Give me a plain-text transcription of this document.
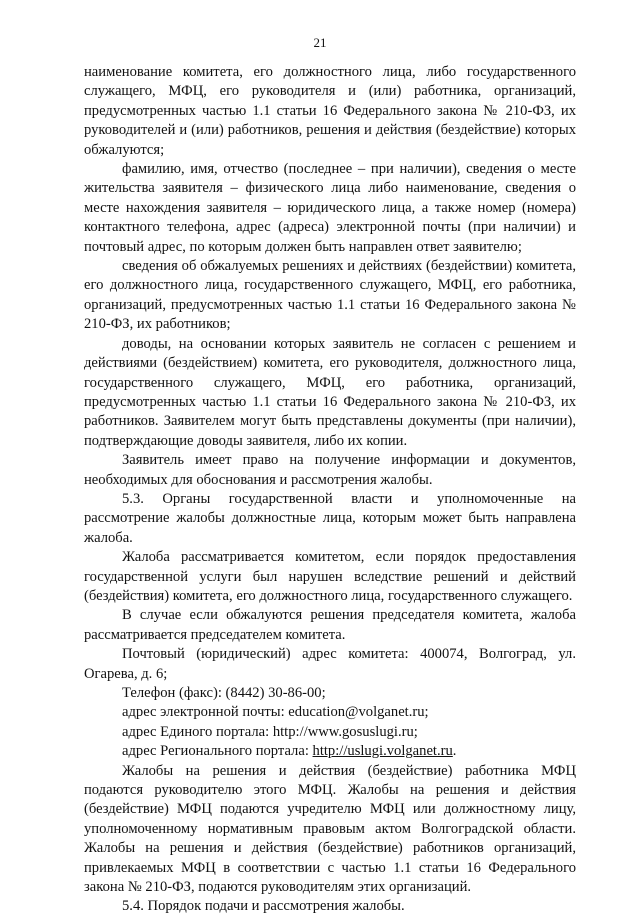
21

наименование комитета, его должностного лица, либо государственного служащего, МФЦ, его руководителя и (или) работника, организаций, предусмотренных частью 1.1 статьи 16 Федерального закона № 210-ФЗ, их руководителей и (или) работников, решения и действия (бездействие) которых обжалуются;

фамилию, имя, отчество (последнее – при наличии), сведения о месте жительства заявителя – физического лица либо наименование, сведения о месте нахождения заявителя – юридического лица, а также номер (номера) контактного телефона, адрес (адреса) электронной почты (при наличии) и почтовый адрес, по которым должен быть направлен ответ заявителю;

сведения об обжалуемых решениях и действиях (бездействии) комитета, его должностного лица, государственного служащего, МФЦ, его работника, организаций, предусмотренных частью 1.1 статьи 16 Федерального закона № 210-ФЗ, их работников;

доводы, на основании которых заявитель не согласен с решением и действиями (бездействием) комитета, его руководителя, должностного лица, государственного служащего, МФЦ, его работника, организаций, предусмотренных частью 1.1 статьи 16 Федерального закона № 210-ФЗ, их работников. Заявителем могут быть представлены документы (при наличии), подтверждающие доводы заявителя, либо их копии.

Заявитель имеет право на получение информации и документов, необходимых для обоснования и рассмотрения жалобы.

5.3. Органы государственной власти и уполномоченные на рассмотрение жалобы должностные лица, которым может быть направлена жалоба.

Жалоба рассматривается комитетом, если порядок предоставления государственной услуги был нарушен вследствие решений и действий (бездействия) комитета, его должностного лица, государственного служащего.

В случае если обжалуются решения председателя комитета, жалоба рассматривается председателем комитета.

Почтовый (юридический) адрес комитета: 400074, Волгоград, ул. Огарева, д. 6;

Телефон (факс): (8442) 30-86-00;

адрес электронной почты: education@volganet.ru;

адрес Единого портала: http://www.gosuslugi.ru;

адрес Регионального портала: http://uslugi.volganet.ru.

Жалобы на решения и действия (бездействие) работника МФЦ подаются руководителю этого МФЦ. Жалобы на решения и действия (бездействие) МФЦ подаются учредителю МФЦ или должностному лицу, уполномоченному нормативным правовым актом Волгоградской области. Жалобы на решения и действия (бездействие) работников организаций, привлекаемых МФЦ в соответствии с частью 1.1 статьи 16 Федерального закона № 210-ФЗ, подаются руководителям этих организаций.

5.4. Порядок подачи и рассмотрения жалобы.
